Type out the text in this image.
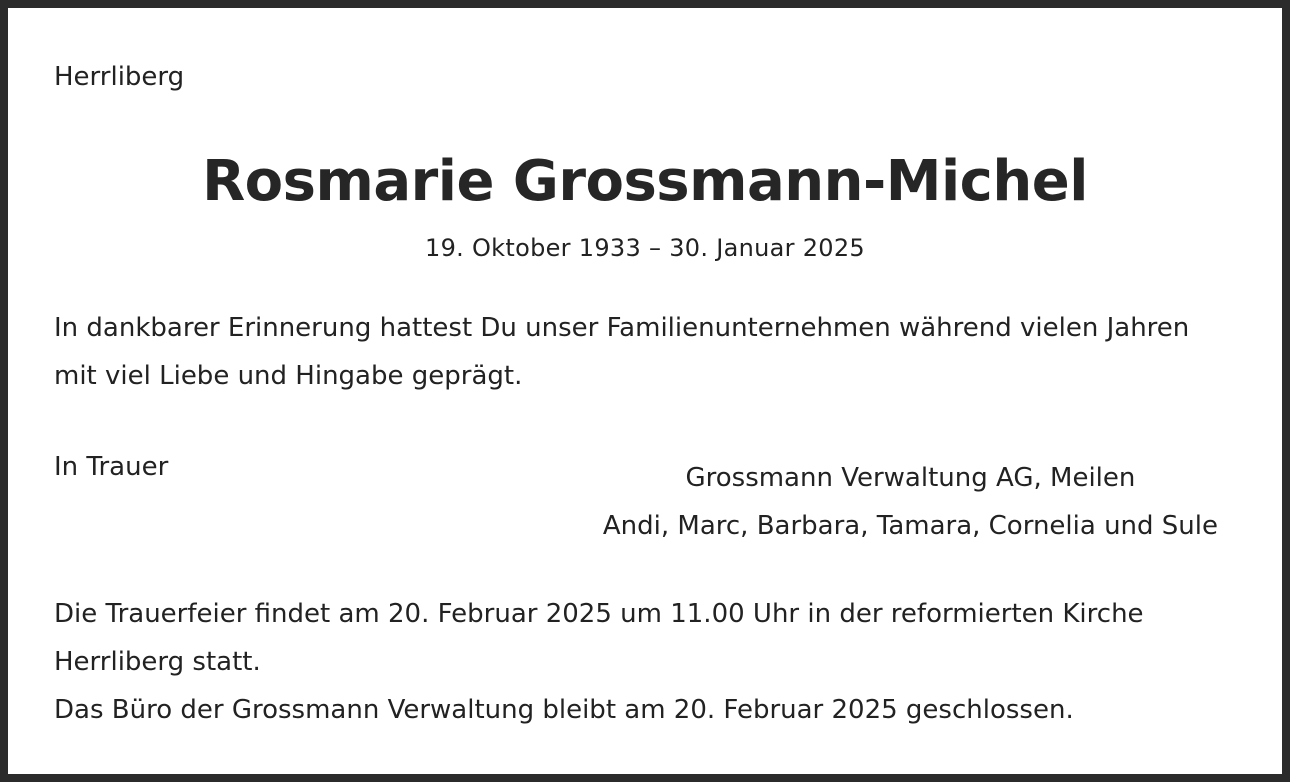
Herrliberg
Rosmarie Grossmann-Michel
19. Oktober 1933 – 30. Januar 2025
In dankbarer Erinnerung hattest Du unser Familienunternehmen während vielen Jahren
mit viel Liebe und Hingabe geprägt.
In Trauer	Grossmann Verwaltung AG, Meilen
Andi, Marc, Barbara, Tamara, Cornelia und Sule
Die Trauerfeier findet am 20. Februar 2025 um 11.00 Uhr in der reformierten Kirche
Herrliberg statt.
Das Büro der Grossmann Verwaltung bleibt am 20. Februar 2025 geschlossen.
